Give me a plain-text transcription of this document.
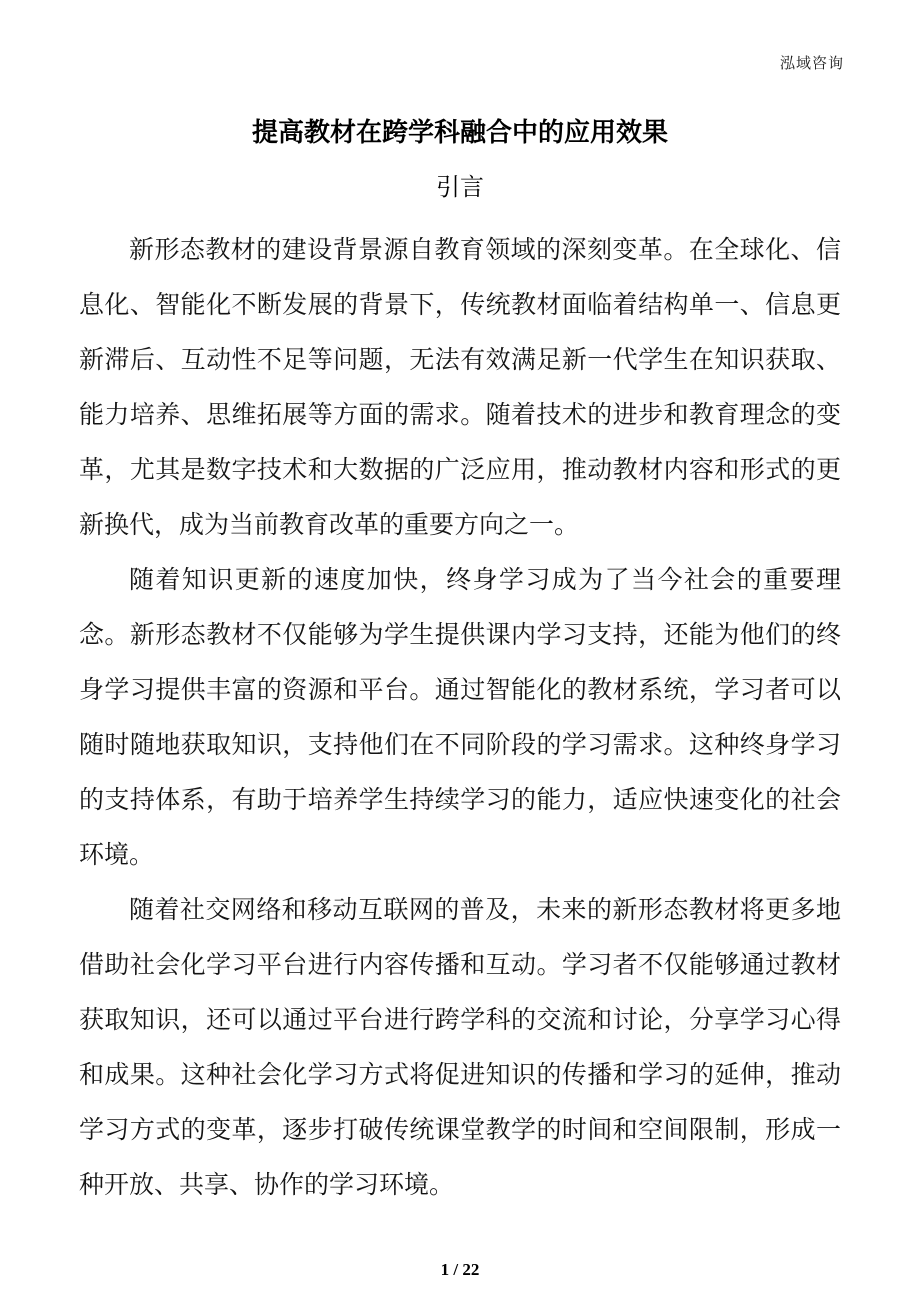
泓域咨询
提高教材在跨学科融合中的应用效果
引言

新形态教材的建设背景源自教育领域的深刻变革。在全球化、信息化、智能化不断发展的背景下，传统教材面临着结构单一、信息更新滞后、互动性不足等问题，无法有效满足新一代学生在知识获取、能力培养、思维拓展等方面的需求。随着技术的进步和教育理念的变革，尤其是数字技术和大数据的广泛应用，推动教材内容和形式的更新换代，成为当前教育改革的重要方向之一。

随着知识更新的速度加快，终身学习成为了当今社会的重要理念。新形态教材不仅能够为学生提供课内学习支持，还能为他们的终身学习提供丰富的资源和平台。通过智能化的教材系统，学习者可以随时随地获取知识，支持他们在不同阶段的学习需求。这种终身学习的支持体系，有助于培养学生持续学习的能力，适应快速变化的社会环境。

随着社交网络和移动互联网的普及，未来的新形态教材将更多地借助社会化学习平台进行内容传播和互动。学习者不仅能够通过教材获取知识，还可以通过平台进行跨学科的交流和讨论，分享学习心得和成果。这种社会化学习方式将促进知识的传播和学习的延伸，推动学习方式的变革，逐步打破传统课堂教学的时间和空间限制，形成一种开放、共享、协作的学习环境。

1 / 22
